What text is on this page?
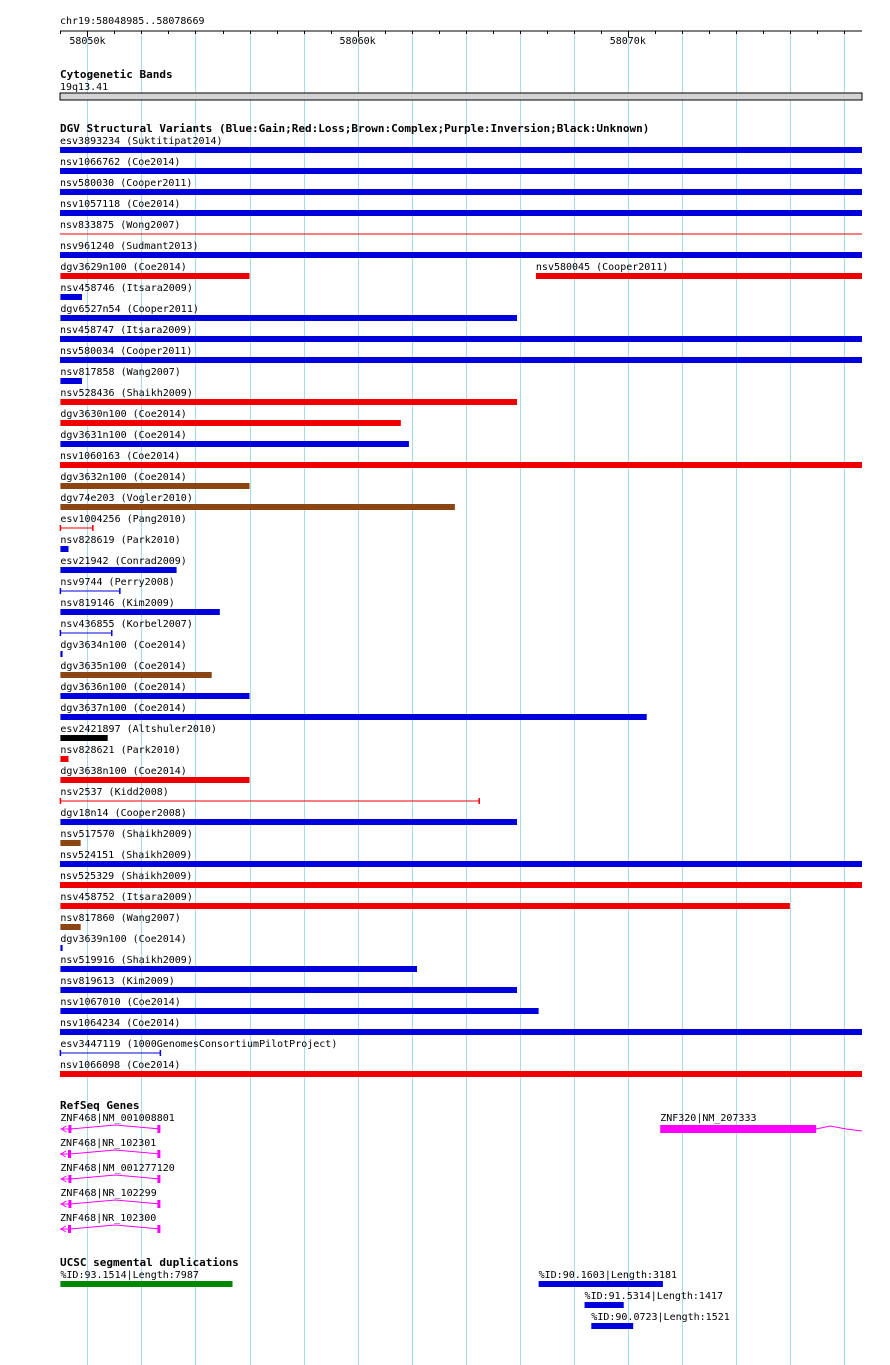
chr19:58048985..58078669
58050k	58060k	58070k
Cytogenetic Bands
19q13.41
DGV Structural Variants (Blue:Gain;Red:Loss;Brown:Complex;Purple:Inversion;Black:Unknown)
esv3893234 (Suktitipat2014)
nsv1066762 (Coe2014)
nsv580030 (Cooper2011)
nsv1057118 (Coe2014)
nsv833875 (Wong2007)
nsv961240 (Sudmant2013)
dgv3629n100 (Coe2014)	nsv580045 (Cooper2011)
nsv458746 (Itsara2009)
dgv6527n54 (Cooper2011)
nsv458747 (Itsara2009)
nsv580034 (Cooper2011)
nsv817858 (Wang2007)
nsv528436 (Shaikh2009)
dgv3630n100 (Coe2014)
dgv3631n100 (Coe2014)
nsv1060163 (Coe2014)
dgv3632n100 (Coe2014)
dgv74e203 (Vogler2010)
esv1004256 (Pang2010)
nsv828619 (Park2010)
esv21942 (Conrad2009)
nsv9744 (Perry2008)
nsv819146 (Kim2009)
nsv436855 (Korbel2007)
dgv3634n100 (Coe2014)
dgv3635n100 (Coe2014)
dgv3636n100 (Coe2014)
dgv3637n100 (Coe2014)
esv2421897 (Altshuler2010)
nsv828621 (Park2010)
dgv3638n100 (Coe2014)
nsv2537 (Kidd2008)
dgv18n14 (Cooper2008)
nsv517570 (Shaikh2009)
nsv524151 (Shaikh2009)
nsv525329 (Shaikh2009)
nsv458752 (Itsara2009)
nsv817860 (Wang2007)
dgv3639n100 (Coe2014)
nsv519916 (Shaikh2009)
nsv819613 (Kim2009)
nsv1067010 (Coe2014)
nsv1064234 (Coe2014)
esv3447119 (1000GenomesConsortiumPilotProject)
nsv1066098 (Coe2014)
RefSeq Genes
ZNF468|NM_001008801	ZNF320|NM_207333
ZNF468|NR_102301
ZNF468|NM_001277120
ZNF468|NR_102299
ZNF468|NR_102300
UCSC segmental duplications
%ID:93.1514|Length:7987	%ID:90.1603|Length:3181
%ID:91.5314|Length:1417
%ID:90.0723|Length:1521
